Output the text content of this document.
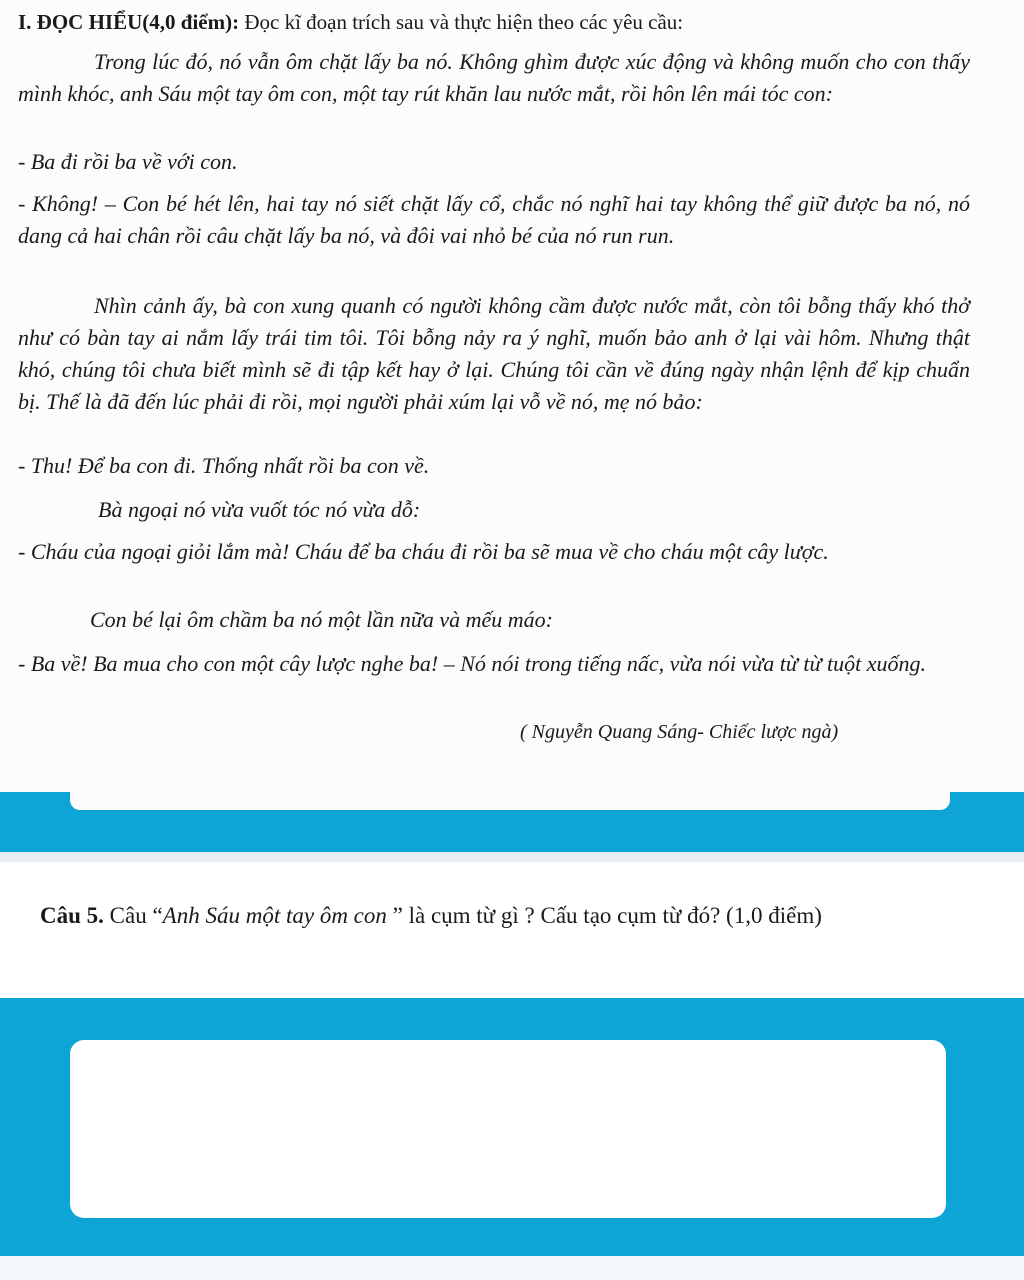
I. ĐỌC HIỂU(4,0 điểm): Đọc kĩ đoạn trích sau và thực hiện theo các yêu cầu:
Trong lúc đó, nó vẫn ôm chặt lấy ba nó. Không ghìm được xúc động và không muốn cho con thấy mình khóc, anh Sáu một tay ôm con, một tay rút khăn lau nước mắt, rồi hôn lên mái tóc con:
- Ba đi rồi ba về với con.
- Không! – Con bé hét lên, hai tay nó siết chặt lấy cổ, chắc nó nghĩ hai tay không thể giữ được ba nó, nó dang cả hai chân rồi câu chặt lấy ba nó, và đôi vai nhỏ bé của nó run run.
Nhìn cảnh ấy, bà con xung quanh có người không cầm được nước mắt, còn tôi bỗng thấy khó thở như có bàn tay ai nắm lấy trái tim tôi. Tôi bỗng nảy ra ý nghĩ, muốn bảo anh ở lại vài hôm. Nhưng thật khó, chúng tôi chưa biết mình sẽ đi tập kết hay ở lại. Chúng tôi cần về đúng ngày nhận lệnh để kịp chuẩn bị. Thế là đã đến lúc phải đi rồi, mọi người phải xúm lại vỗ về nó, mẹ nó bảo:
- Thu! Để ba con đi. Thống nhất rồi ba con về.
Bà ngoại nó vừa vuốt tóc nó vừa dỗ:
- Cháu của ngoại giỏi lắm mà! Cháu để ba cháu đi rồi ba sẽ mua về cho cháu một cây lược.
Con bé lại ôm chầm ba nó một lần nữa và mếu máo:
- Ba về! Ba mua cho con một cây lược nghe ba! – Nó nói trong tiếng nấc, vừa nói vừa từ từ tuột xuống.
( Nguyễn Quang Sáng- Chiếc lược ngà)
Câu 5. Câu “Anh Sáu một tay ôm con ” là cụm từ gì ? Cấu tạo cụm từ đó? (1,0 điểm)
